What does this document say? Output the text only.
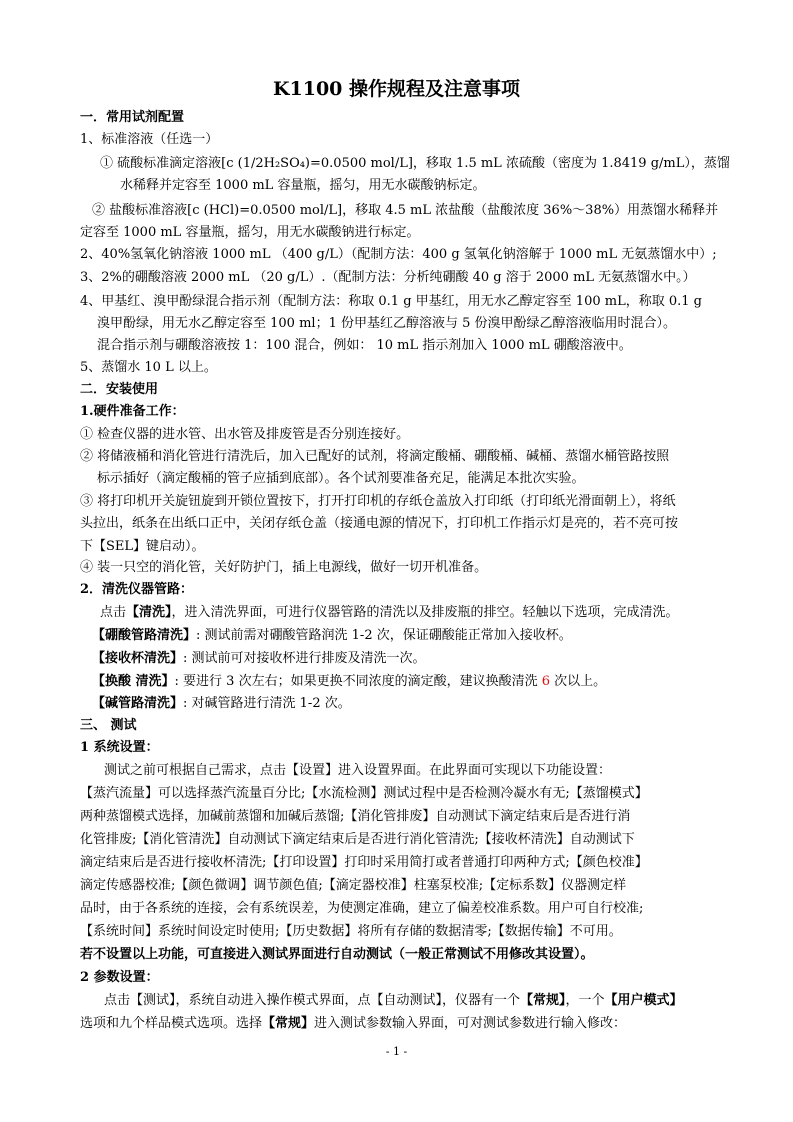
K1100 操作规程及注意事项
一．常用试剂配置
1、标准溶液（任选一）
① 硫酸标准滴定溶液[c (1/2H₂SO₄)=0.0500 mol/L]，移取 1.5 mL 浓硫酸（密度为 1.8419 g/mL），蒸馏
水稀释并定容至 1000 mL 容量瓶，摇匀，用无水碳酸钠标定。
② 盐酸标准溶液[c (HCl)=0.0500 mol/L]，移取 4.5 mL 浓盐酸（盐酸浓度 36%～38%）用蒸馏水稀释并
定容至 1000 mL 容量瓶，摇匀，用无水碳酸钠进行标定。
2、40%氢氧化钠溶液 1000 mL （400 g/L）（配制方法：400 g 氢氧化钠溶解于 1000 mL 无氨蒸馏水中）;
3、2%的硼酸溶液 2000 mL （20 g/L）.（配制方法：分析纯硼酸 40 g 溶于 2000 mL 无氨蒸馏水中。）
4、甲基红、溴甲酚绿混合指示剂（配制方法：称取 0.1 g 甲基红，用无水乙醇定容至 100 mL，称取 0.1 g
溴甲酚绿，用无水乙醇定容至 100 ml；1 份甲基红乙醇溶液与 5 份溴甲酚绿乙醇溶液临用时混合）。
混合指示剂与硼酸溶液按 1：100 混合，例如： 10 mL 指示剂加入 1000 mL 硼酸溶液中。
5、蒸馏水 10 L 以上。
二．安装使用
1.硬件准备工作：
① 检查仪器的进水管、出水管及排废管是否分别连接好。
② 将储液桶和消化管进行清洗后，加入已配好的试剂，将滴定酸桶、硼酸桶、碱桶、蒸馏水桶管路按照
标示插好（滴定酸桶的管子应插到底部）。各个试剂要准备充足，能满足本批次实验。
③ 将打印机开关旋钮旋到开锁位置按下，打开打印机的存纸仓盖放入打印纸（打印纸光滑面朝上），将纸
头拉出，纸条在出纸口正中，关闭存纸仓盖（接通电源的情况下，打印机工作指示灯是亮的，若不亮可按
下【SEL】键启动）。
④ 装一只空的消化管，关好防护门，插上电源线，做好一切开机准备。
2．清洗仪器管路：
点击【清洗】，进入清洗界面，可进行仪器管路的清洗以及排废瓶的排空。轻触以下选项，完成清洗。
【硼酸管路清洗】: 测试前需对硼酸管路润洗 1-2 次，保证硼酸能正常加入接收杯。
【接收杯清洗】: 测试前可对接收杯进行排废及清洗一次。
【换酸 清洗】: 要进行 3 次左右；如果更换不同浓度的滴定酸，建议换酸清洗 6 次以上。
【碱管路清洗】: 对碱管路进行清洗 1-2 次。
三、 测试
1 系统设置：
测试之前可根据自己需求，点击【设置】进入设置界面。在此界面可实现以下功能设置：
【蒸汽流量】可以选择蒸汽流量百分比;【水流检测】测试过程中是否检测冷凝水有无;【蒸馏模式】
两种蒸馏模式选择，加碱前蒸馏和加碱后蒸馏;【消化管排废】自动测试下滴定结束后是否进行消
化管排废;【消化管清洗】自动测试下滴定结束后是否进行消化管清洗;【接收杯清洗】自动测试下
滴定结束后是否进行接收杯清洗;【打印设置】打印时采用简打或者普通打印两种方式;【颜色校准】
滴定传感器校准;【颜色微调】调节颜色值;【滴定器校准】柱塞泵校准;【定标系数】仪器测定样
品时，由于各系统的连接，会有系统误差，为使测定准确，建立了偏差校准系数。用户可自行校准;
【系统时间】系统时间设定时使用;【历史数据】将所有存储的数据清零;【数据传输】不可用。
若不设置以上功能，可直接进入测试界面进行自动测试（一般正常测试不用修改其设置）。
2 参数设置：
点击【测试】，系统自动进入操作模式界面，点【自动测试】，仪器有一个【常规】，一个【用户模式】
选项和九个样品模式选项。选择【常规】进入测试参数输入界面，可对测试参数进行输入修改：
- 1 -
